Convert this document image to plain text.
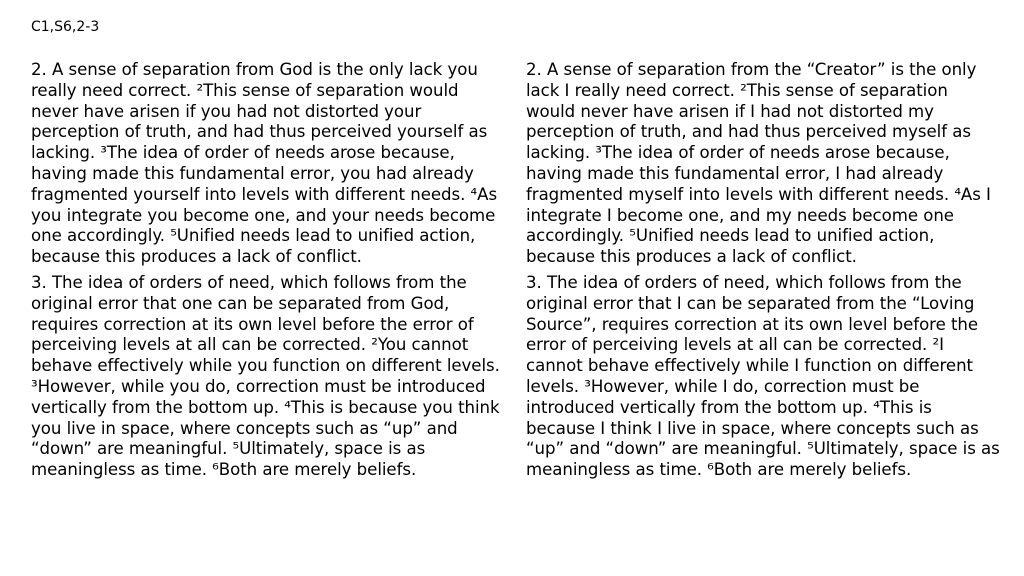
C1,S6,2-3

2. A sense of separation from God is the only lack you really need correct. ²This sense of separation would never have arisen if you had not distorted your perception of truth, and had thus perceived yourself as lacking. ³The idea of order of needs arose because, having made this fundamental error, you had already fragmented yourself into levels with different needs. ⁴As you integrate you become one, and your needs become one accordingly. ⁵Unified needs lead to unified action, because this produces a lack of conflict.

3. The idea of orders of need, which follows from the original error that one can be separated from God, requires correction at its own level before the error of perceiving levels at all can be corrected. ²You cannot behave effectively while you function on different levels. ³However, while you do, correction must be introduced vertically from the bottom up. ⁴This is because you think you live in space, where concepts such as “up” and “down” are meaningful. ⁵Ultimately, space is as meaningless as time. ⁶Both are merely beliefs.

2. A sense of separation from the “Creator” is the only lack I really need correct. ²This sense of separation would never have arisen if I had not distorted my perception of truth, and had thus perceived myself as lacking. ³The idea of order of needs arose because, having made this fundamental error, I had already fragmented myself into levels with different needs. ⁴As I integrate I become one, and my needs become one accordingly. ⁵Unified needs lead to unified action, because this produces a lack of conflict.

3. The idea of orders of need, which follows from the original error that I can be separated from the “Loving Source”, requires correction at its own level before the error of perceiving levels at all can be corrected. ²I cannot behave effectively while I function on different levels. ³However, while I do, correction must be introduced vertically from the bottom up. ⁴This is because I think I live in space, where concepts such as “up” and “down” are meaningful. ⁵Ultimately, space is as meaningless as time. ⁶Both are merely beliefs.
